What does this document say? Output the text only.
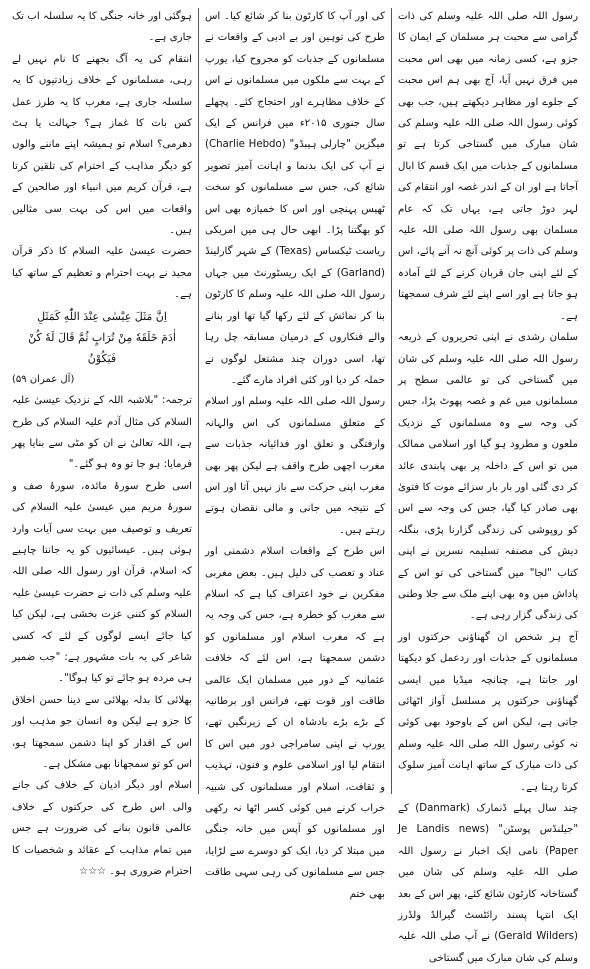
رسول اللہ صلی اللہ علیہ وسلم کی ذات گرامی سے محبت ہر مسلمان کے ایمان کا جزو ہے، کسی زمانہ میں بھی اس محبت میں فرق نہیں آیا، آج بھی ہم اس محبت کے جلوے اور مظاہر دیکھتے ہیں، جب بھی کوئی رسول اللہ صلی اللہ علیہ وسلم کی شان مبارک میں گستاخی کرتا ہے تو مسلمانوں کے جذبات میں ایک قسم کا ابال آجاتا ہے اور ان کے اندر غصہ اور انتقام کی لہر دوڑ جاتی ہے، یہاں تک کہ عام مسلمان بھی رسول اللہ صلی اللہ علیہ وسلم کی ذات پر کوئی آنچ نہ آنے پائے، اس کے لئے اپنی جان قربان کرنے کے لئے آمادہ ہو جاتا ہے اور اسے اپنے لئے شرف سمجھتا ہے۔

سلمان رشدی نے اپنی تحریروں کے ذریعہ رسول اللہ صلی اللہ علیہ وسلم کی شان میں گستاخی کی تو عالمی سطح پر مسلمانوں میں غم و غصہ پھوٹ پڑا، جس کی وجہ سے وہ مسلمانوں کے نزدیک ملعون و مطرود ہو گیا اور اسلامی ممالک میں تو اس کے داخلہ پر بھی پابندی عائد کر دی گئی اور بار بار سزائے موت کا فتویٰ بھی صادر کیا گیا، جس کی وجہ سے اس کو روپوشی کی زندگی گزارنا پڑی، بنگلہ دیش کی مصنفہ تسلیمہ نسرین نے اپنی کتاب "لجا" میں گستاخی کی تو اس کے پاداش میں وہ بھی اپنے ملک سے جلا وطنی کی زندگی گزار رہی ہے۔

آج ہر شخص ان گھناؤنی حرکتوں اور مسلمانوں کے جذبات اور ردعمل کو دیکھتا اور جانتا ہے، چنانچہ میڈیا میں ایسی گھناؤنی حرکتوں پر مسلسل آواز اٹھائی جاتی ہے، لیکن اس کے باوجود بھی کوئی نہ کوئی رسول اللہ صلی اللہ علیہ وسلم کی ذات مبارک کے ساتھ اہانت آمیز سلوک کرتا رہتا ہے۔

چند سال پہلے ڈنمارک (Danmark) کے "جیلنڈس پوسٹن" (Je Landis news Paper) نامی ایک اخبار نے رسول اللہ صلی اللہ علیہ وسلم کی شان میں گستاخانہ کارٹون شائع کئے، پھر اس کے بعد ایک انتہا پسند رائٹسٹ گیرالڈ ولڈرز (Gerald Wilders) نے آپ صلی اللہ علیہ وسلم کی شان مبارک میں گستاخی

کی اور آپ کا کارٹون بنا کر شائع کیا۔ اس طرح کی توہین اور بے ادبی کے واقعات نے مسلمانوں کے جذبات کو مجروح کیا، یورپ کے بہت سے ملکوں میں مسلمانوں نے اس کے خلاف مظاہرے اور احتجاج کئے۔ پچھلے سال جنوری ۲۰۱۵ء میں فرانس کے ایک میگزین "چارلی ہیبڈو" (Charlie Hebdo) نے آپ کی ایک بدنما و اہانت آمیز تصویر شائع کی، جس سے مسلمانوں کو سخت ٹھیس پہنچی اور اس کا خمیازہ بھی اس کو بھگتنا پڑا۔ ابھی حال ہی میں امریکی ریاست ٹیکساس (Texas) کے شہر گارلینڈ (Garland) کے ایک ریسٹورنٹ میں جہاں رسول اللہ صلی اللہ علیہ وسلم کا کارٹون بنا کر نمائش کے لئے رکھا گیا تھا اور بنانے والے فنکاروں کے درمیان مسابقہ چل رہا تھا، اسی دوران چند مشتعل لوگوں نے حملہ کر دیا اور کئی افراد مارے گئے۔

رسول اللہ صلی اللہ علیہ وسلم اور اسلام کے متعلق مسلمانوں کی اس والہانہ وارفتگی و تعلق اور فدائیانہ جذبات سے مغرب اچھی طرح واقف ہے لیکن پھر بھی مغرب اپنی حرکت سے باز نہیں آتا اور اس کے نتیجہ میں جانی و مالی نقصان ہوتے رہتے ہیں۔

اس طرح کے واقعات اسلام دشمنی اور عناد و تعصب کی دلیل ہیں۔ بعض مغربی مفکرین نے خود اعتراف کیا ہے کہ اسلام سے مغرب کو خطرہ ہے، جس کی وجہ یہ ہے کہ مغرب اسلام اور مسلمانوں کو دشمن سمجھتا ہے، اس لئے کہ خلافت عثمانیہ کے دور میں مسلمان ایک عالمی طاقت اور قوت تھے، فرانس اور برطانیہ کے بڑے بڑے بادشاہ ان کے زیرنگیں تھے، یورپ نے اپنی سامراجی دور میں اس کا انتقام لیا اور اسلامی علوم و فنون، تہذیب و ثقافت، اسلام اور مسلمانوں کی شبیہ خراب کرنے میں کوئی کسر اٹھا نہ رکھی اور مسلمانوں کو آپس میں خانہ جنگی میں مبتلا کر دیا، ایک کو دوسرے سے لڑایا، جس سے مسلمانوں کی رہی سہی طاقت بھی ختم

ہوگئی اور خانہ جنگی کا یہ سلسلہ اب تک جاری ہے۔

انتقام کی یہ آگ بجھنے کا نام نہیں لے رہی، مسلمانوں کے خلاف زیادتیوں کا یہ سلسلہ جاری ہے، مغرب کا یہ طرز عمل کس بات کا غماز ہے؟ جہالت یا ہٹ دھرمی؟ اسلام تو ہمیشہ اپنے ماننے والوں کو دیگر مذاہب کے احترام کی تلقین کرتا ہے، قرآن کریم میں انبیاء اور صالحین کے واقعات میں اس کی بہت سی مثالیں ہیں۔

حضرت عیسیٰ علیہ السلام کا ذکر قرآن مجید نے بہت احترام و تعظیم کے ساتھ کیا ہے۔

اِنَّ مَثَلَ عِيْسٰى عِنْدَ اللّٰهِ كَمَثَلِ

اٰدَمَ خَلَقَهٗ مِنْ تُرَابٍ ثُمَّ قَالَ لَهٗ كُنْ

فَيَكُوْنُ

(آل عمران ۵۹)

ترجمہ: "بلاشبہ اللہ کے نزدیک عیسیٰ علیہ السلام کی مثال آدم علیہ السلام کی طرح ہے، اللہ تعالیٰ نے ان کو مٹی سے بنایا پھر فرمایا: ہو جا تو وہ ہو گئے۔"

اسی طرح سورۂ مائدہ، سورۂ صف و سورۂ مریم میں عیسیٰ علیہ السلام کی تعریف و توصیف میں بہت سی آیات وارد ہوئی ہیں۔ عیسائیوں کو یہ جاننا چاہیے کہ اسلام، قرآن اور رسول اللہ صلی اللہ علیہ وسلم کی ذات نے حضرت عیسیٰ علیہ السلام کو کتنی عزت بخشی ہے، لیکن کیا کیا جائے ایسے لوگوں کے لئے کہ کسی شاعر کی یہ بات مشہور ہے: "جب ضمیر ہی مردہ ہو جائے تو کیا ہوگا"۔

بھلائی کا بدلہ بھلائی سے دینا حسن اخلاق کا جزو ہے لیکن وہ انسان جو مذہب اور اس کے اقدار کو اپنا دشمن سمجھتا ہو، اس کو تو سمجھانا بھی مشکل ہے۔

اسلام اور دیگر ادیان کے خلاف کی جانے والی اس طرح کی حرکتوں کے خلاف عالمی قانون بنانے کی ضرورت ہے جس میں تمام مذاہب کے عقائد و شخصیات کا احترام ضروری ہو۔ ☆☆☆
